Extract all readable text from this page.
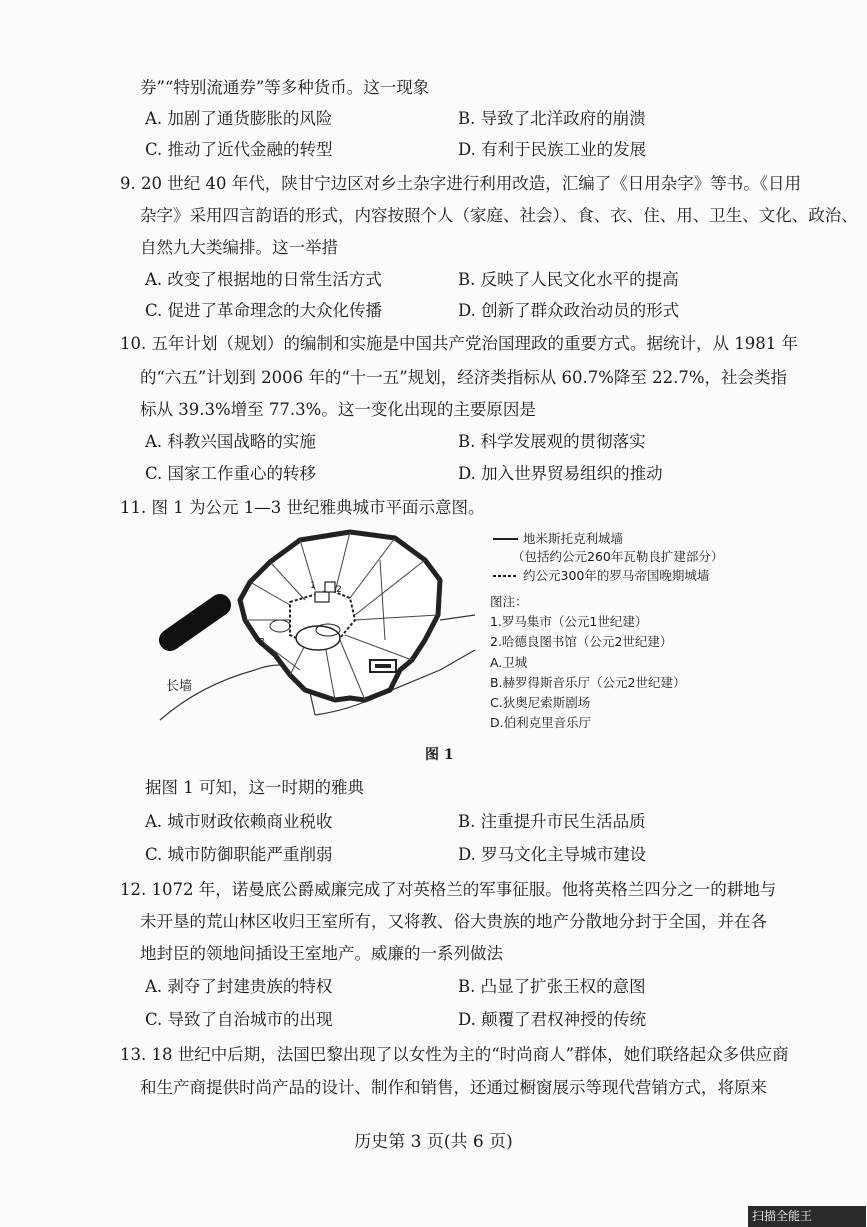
券”“特别流通券”等多种货币。这一现象
A. 加剧了通货膨胀的风险	B. 导致了北洋政府的崩溃
C. 推动了近代金融的转型	D. 有利于民族工业的发展
9. 20 世纪 40 年代，陕甘宁边区对乡土杂字进行利用改造，汇编了《日用杂字》等书。《日用
杂字》采用四言韵语的形式，内容按照个人（家庭、社会）、食、衣、住、用、卫生、文化、政治、
自然九大类编排。这一举措
A. 改变了根据地的日常生活方式	B. 反映了人民文化水平的提高
C. 促进了革命理念的大众化传播	D. 创新了群众政治动员的形式
10. 五年计划（规划）的编制和实施是中国共产党治国理政的重要方式。据统计，从 1981 年
的“六五”计划到 2006 年的“十一五”规划，经济类指标从 60.7%降至 22.7%，社会类指
标从 39.3%增至 77.3%。这一变化出现的主要原因是
A. 科教兴国战略的实施	B. 科学发展观的贯彻落实
C. 国家工作重心的转移	D. 加入世界贸易组织的推动
11. 图 1 为公元 1—3 世纪雅典城市平面示意图。
长墙
1 2
B
地米斯托克利城墙
（包括约公元260年瓦勒良扩建部分）
约公元300年的罗马帝国晚期城墙
图注：
1.罗马集市（公元1世纪建）
2.哈德良图书馆（公元2世纪建）
A.卫城
B.赫罗得斯音乐厅（公元2世纪建）
C.狄奥尼索斯剧场
D.伯利克里音乐厅
图 1
据图 1 可知，这一时期的雅典
A. 城市财政依赖商业税收	B. 注重提升市民生活品质
C. 城市防御职能严重削弱	D. 罗马文化主导城市建设
12. 1072 年，诺曼底公爵威廉完成了对英格兰的军事征服。他将英格兰四分之一的耕地与
未开垦的荒山林区收归王室所有，又将教、俗大贵族的地产分散地分封于全国，并在各
地封臣的领地间插设王室地产。威廉的一系列做法
A. 剥夺了封建贵族的特权	B. 凸显了扩张王权的意图
C. 导致了自治城市的出现	D. 颠覆了君权神授的传统
13. 18 世纪中后期，法国巴黎出现了以女性为主的“时尚商人”群体，她们联络起众多供应商
和生产商提供时尚产品的设计、制作和销售，还通过橱窗展示等现代营销方式，将原来
历史第 3 页(共 6 页)
扫描全能王
